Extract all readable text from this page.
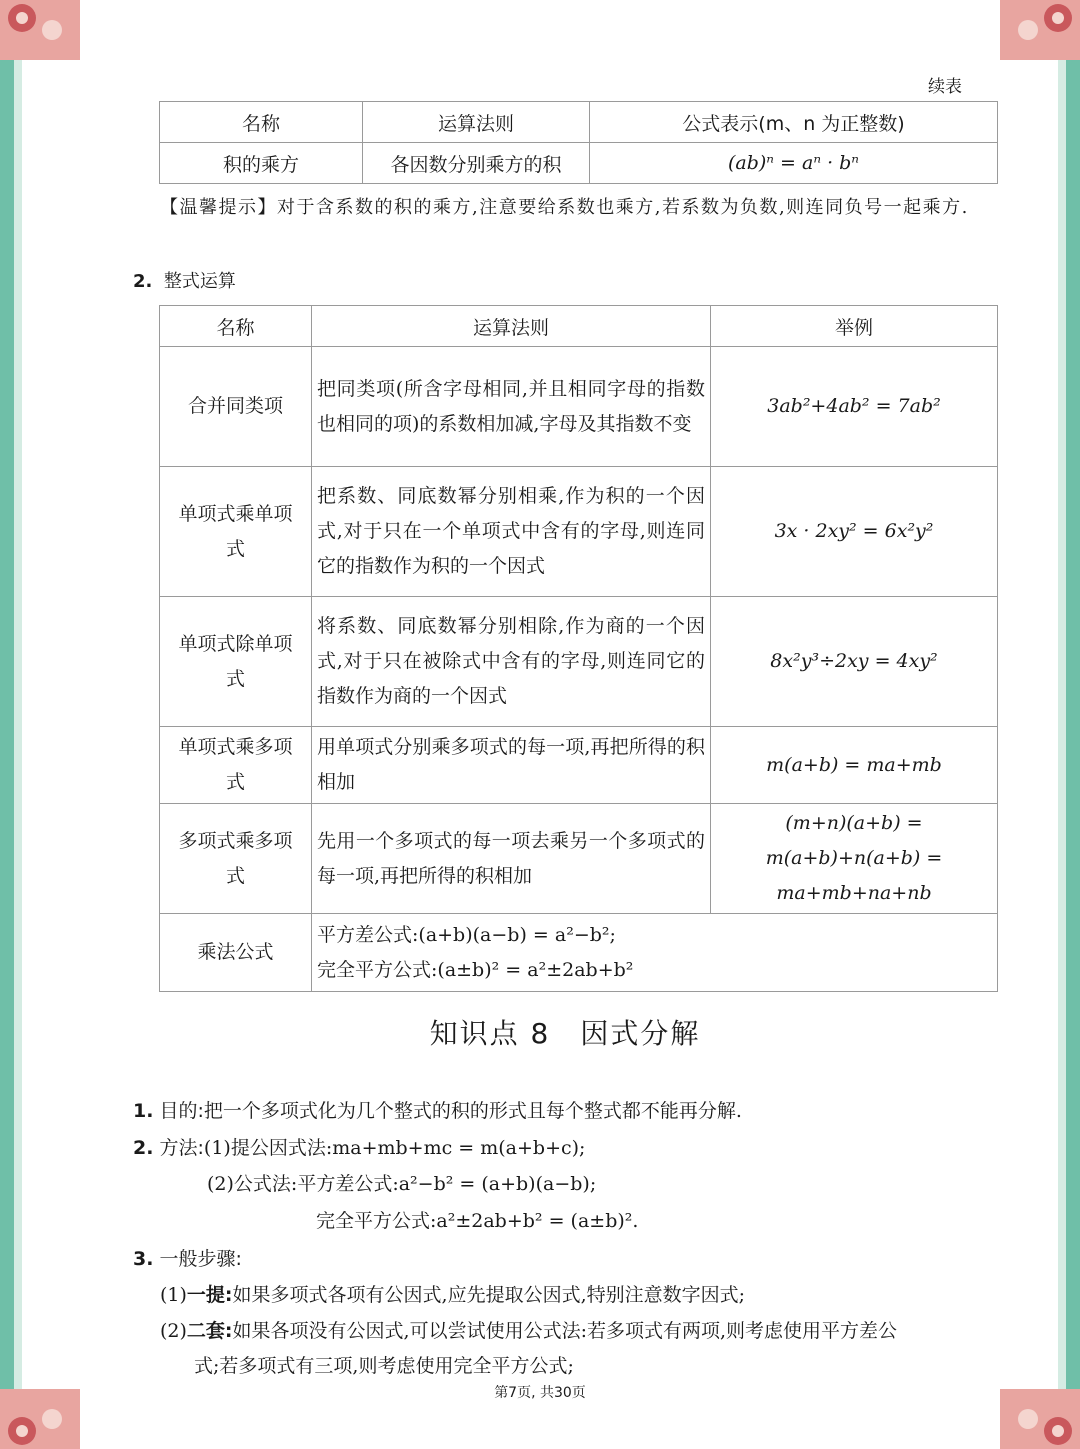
续表
名称	运算法则	公式表示(m、n 为正整数)
积的乘方	各因数分别乘方的积	(ab)ⁿ = aⁿ · bⁿ
【温馨提示】对于含系数的积的乘方,注意要给系数也乘方,若系数为负数,则连同负号一起乘方.
2. 整式运算
名称	运算法则	举例
合并同类项	把同类项(所含字母相同,并且相同字母的指数也相同的项)的系数相加减,字母及其指数不变	3ab²+4ab² = 7ab²
单项式乘单项式	把系数、同底数幂分别相乘,作为积的一个因式,对于只在一个单项式中含有的字母,则连同它的指数作为积的一个因式	3x · 2xy² = 6x²y²
单项式除单项式	将系数、同底数幂分别相除,作为商的一个因式,对于只在被除式中含有的字母,则连同它的指数作为商的一个因式	8x²y³÷2xy = 4xy²
单项式乘多项式	用单项式分别乘多项式的每一项,再把所得的积相加	m(a+b) = ma+mb
多项式乘多项式	先用一个多项式的每一项去乘另一个多项式的每一项,再把所得的积相加	(m+n)(a+b) =
m(a+b)+n(a+b) =
ma+mb+na+nb

乘法公式	平方差公式:(a+b)(a−b) = a²−b²;
完全平方公式:(a±b)² = a²±2ab+b²	
知识点 8　因式分解
1. 目的:把一个多项式化为几个整式的积的形式且每个整式都不能再分解.
2. 方法:(1)提公因式法:ma+mb+mc = m(a+b+c);
(2)公式法:平方差公式:a²−b² = (a+b)(a−b);
完全平方公式:a²±2ab+b² = (a±b)².
3. 一般步骤:
(1)一提:如果多项式各项有公因式,应先提取公因式,特别注意数字因式;
(2)二套:如果各项没有公因式,可以尝试使用公式法:若多项式有两项,则考虑使用平方差公
式;若多项式有三项,则考虑使用完全平方公式;
第7页, 共30页
